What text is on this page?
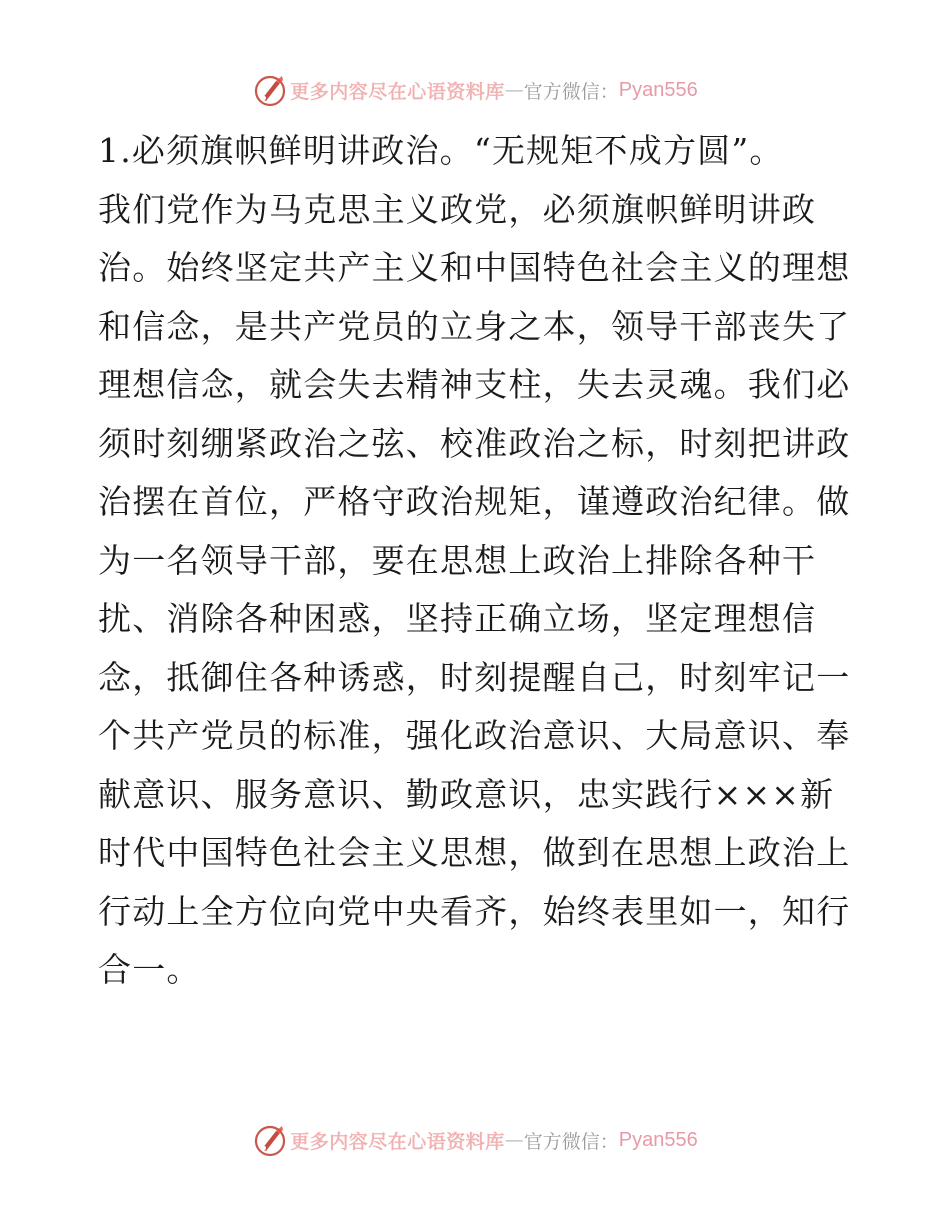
更多内容尽在心语资料库 — 官方微信： Pyan556
1.必须旗帜鲜明讲政治。“无规矩不成方圆”。
我们党作为马克思主义政党，必须旗帜鲜明讲政
治。始终坚定共产主义和中国特色社会主义的理想
和信念，是共产党员的立身之本，领导干部丧失了
理想信念，就会失去精神支柱，失去灵魂。我们必
须时刻绷紧政治之弦、校准政治之标，时刻把讲政
治摆在首位，严格守政治规矩，谨遵政治纪律。做
为一名领导干部，要在思想上政治上排除各种干
扰、消除各种困惑，坚持正确立场，坚定理想信
念，抵御住各种诱惑，时刻提醒自己，时刻牢记一
个共产党员的标准，强化政治意识、大局意识、奉
献意识、服务意识、勤政意识，忠实践行×××新
时代中国特色社会主义思想，做到在思想上政治上
行动上全方位向党中央看齐，始终表里如一，知行
合一。
更多内容尽在心语资料库 — 官方微信： Pyan556
